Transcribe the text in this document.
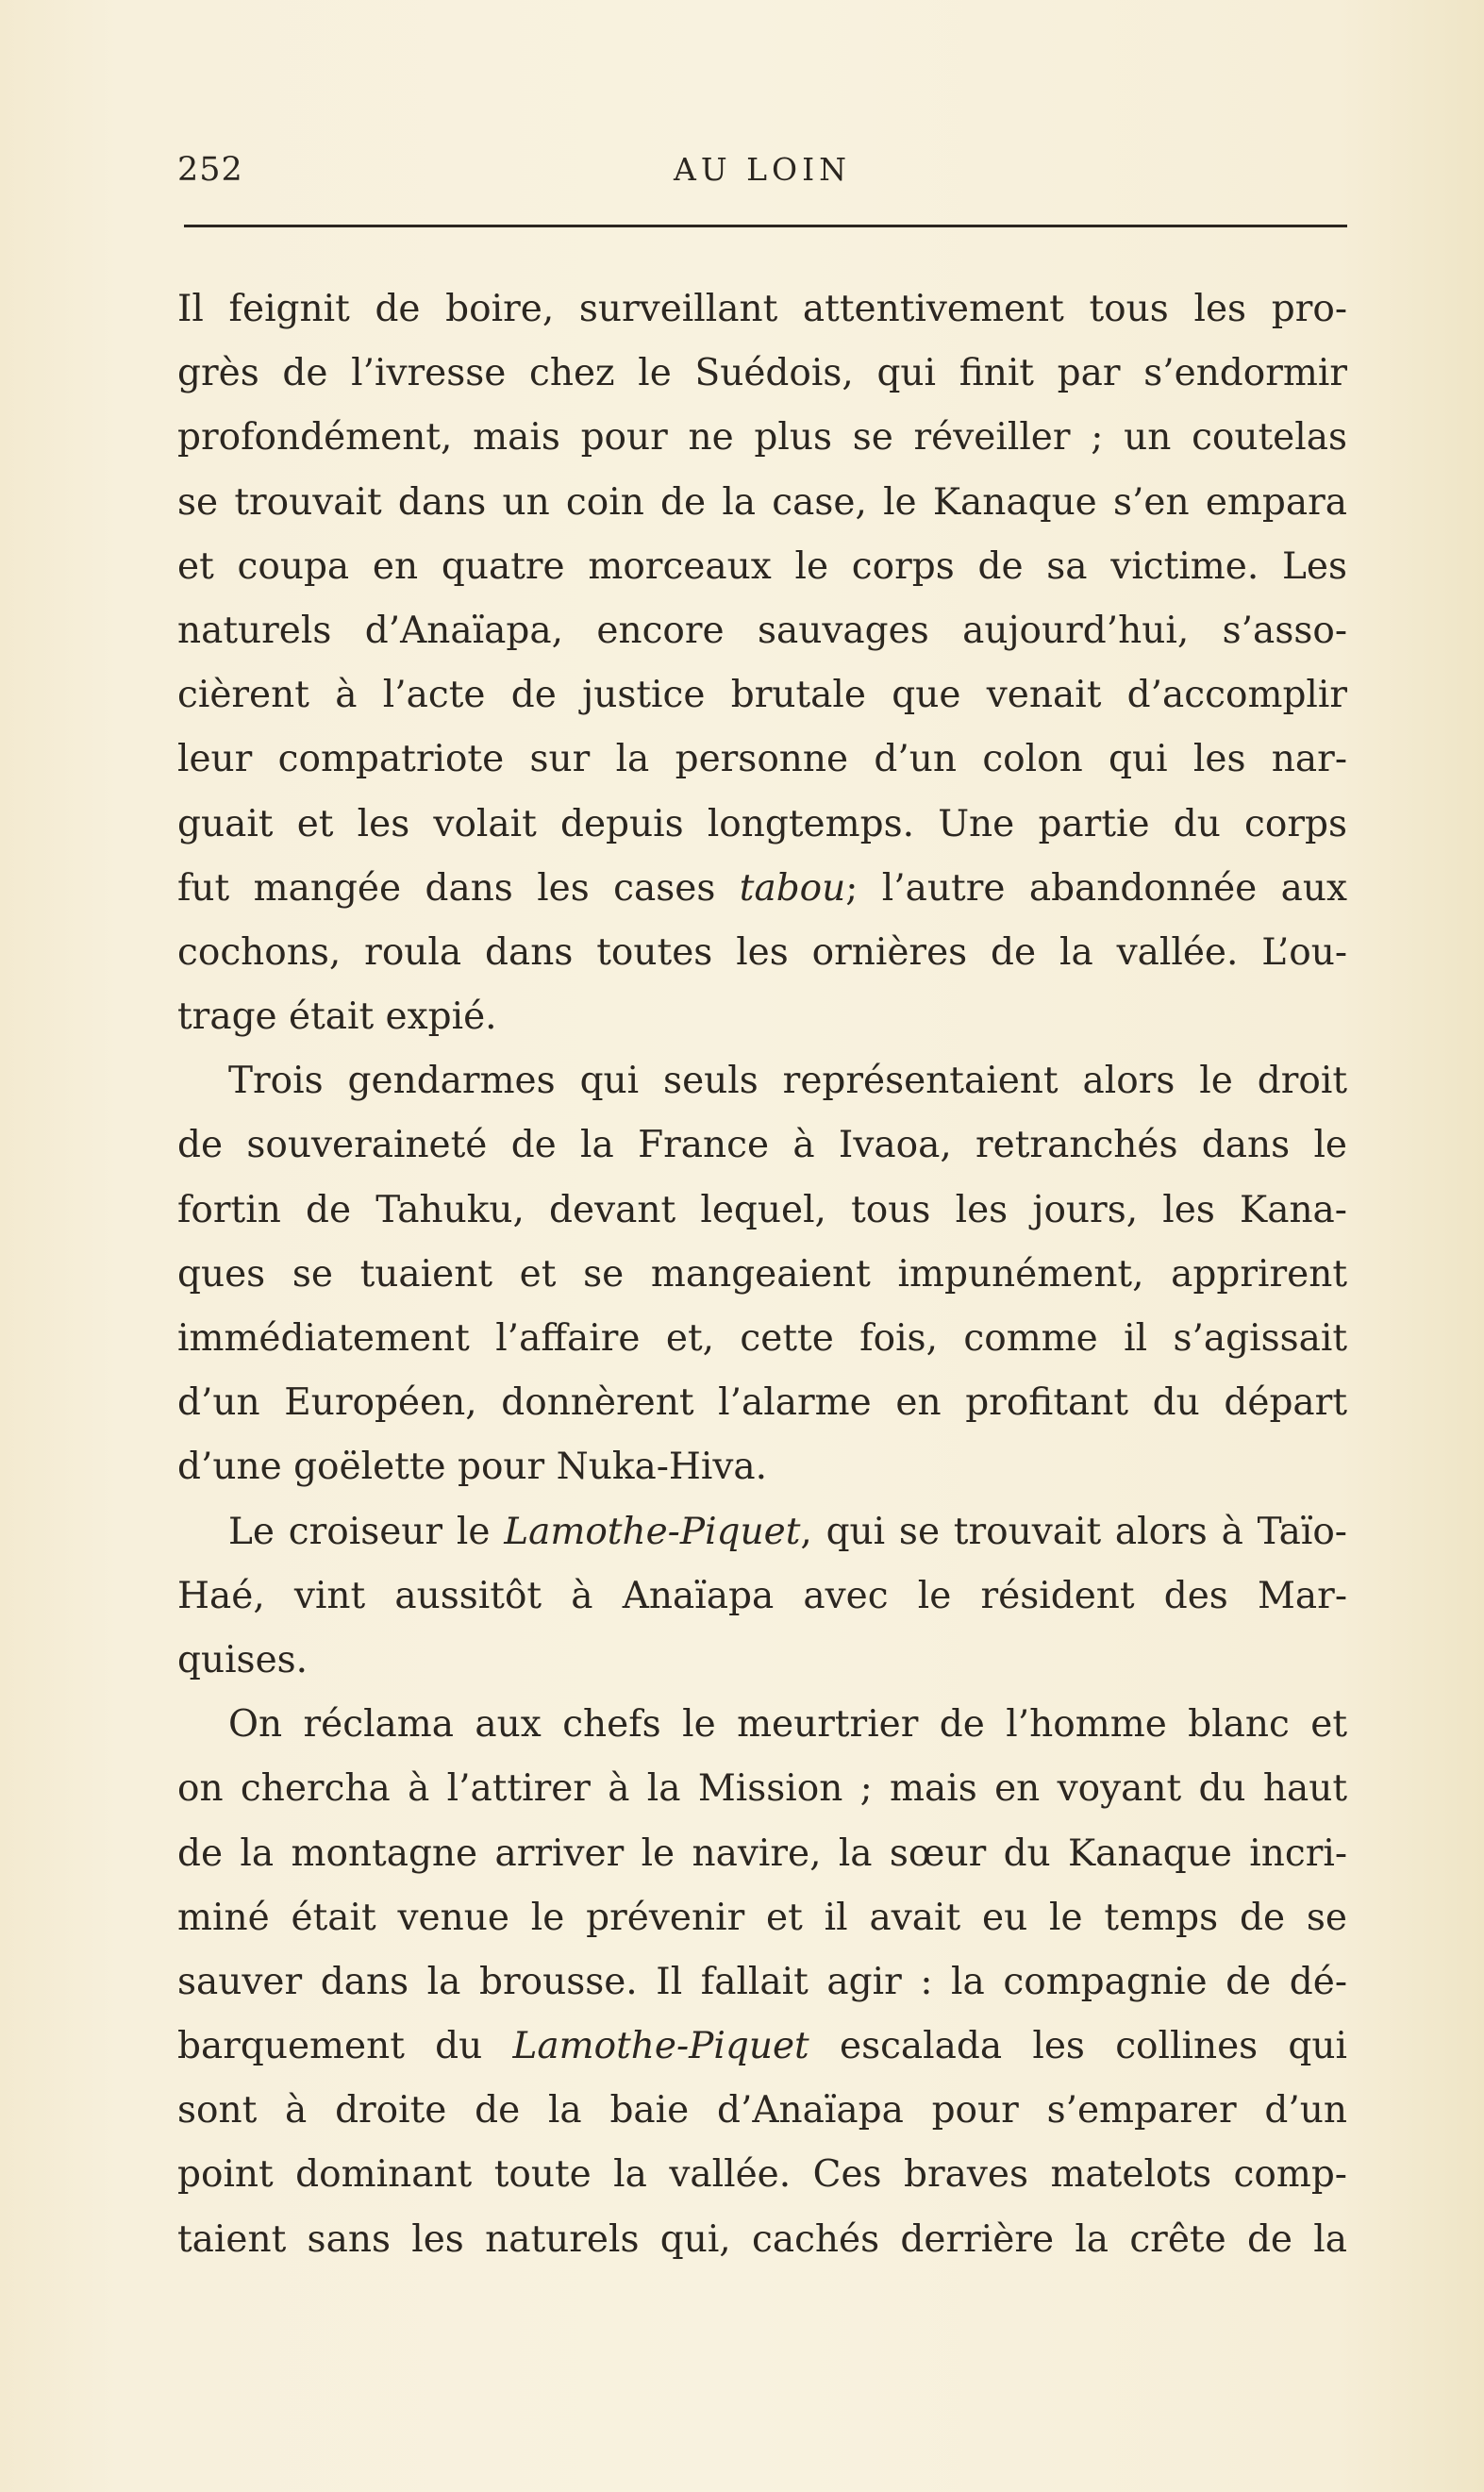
252	AU LOIN
Il feignit de boire, surveillant attentivement tous les pro-
grès de l’ivresse chez le Suédois, qui finit par s’endormir
profondément, mais pour ne plus se réveiller ; un coutelas
se trouvait dans un coin de la case, le Kanaque s’en empara
et coupa en quatre morceaux le corps de sa victime. Les
naturels d’Anaïapa, encore sauvages aujourd’hui, s’asso-
cièrent à l’acte de justice brutale que venait d’accomplir
leur compatriote sur la personne d’un colon qui les nar-
guait et les volait depuis longtemps. Une partie du corps
fut mangée dans les cases tabou; l’autre abandonnée aux
cochons, roula dans toutes les ornières de la vallée. L’ou-
trage était expié.
Trois gendarmes qui seuls représentaient alors le droit
de souveraineté de la France à Ivaoa, retranchés dans le
fortin de Tahuku, devant lequel, tous les jours, les Kana-
ques se tuaient et se mangeaient impunément, apprirent
immédiatement l’affaire et, cette fois, comme il s’agissait
d’un Européen, donnèrent l’alarme en profitant du départ
d’une goëlette pour Nuka-Hiva.
Le croiseur le Lamothe-Piquet, qui se trouvait alors à Taïo-
Haé, vint aussitôt à Anaïapa avec le résident des Mar-
quises.
On réclama aux chefs le meurtrier de l’homme blanc et
on chercha à l’attirer à la Mission ; mais en voyant du haut
de la montagne arriver le navire, la sœur du Kanaque incri-
miné était venue le prévenir et il avait eu le temps de se
sauver dans la brousse. Il fallait agir : la compagnie de dé-
barquement du Lamothe-Piquet escalada les collines qui
sont à droite de la baie d’Anaïapa pour s’emparer d’un
point dominant toute la vallée. Ces braves matelots comp-
taient sans les naturels qui, cachés derrière la crête de la
